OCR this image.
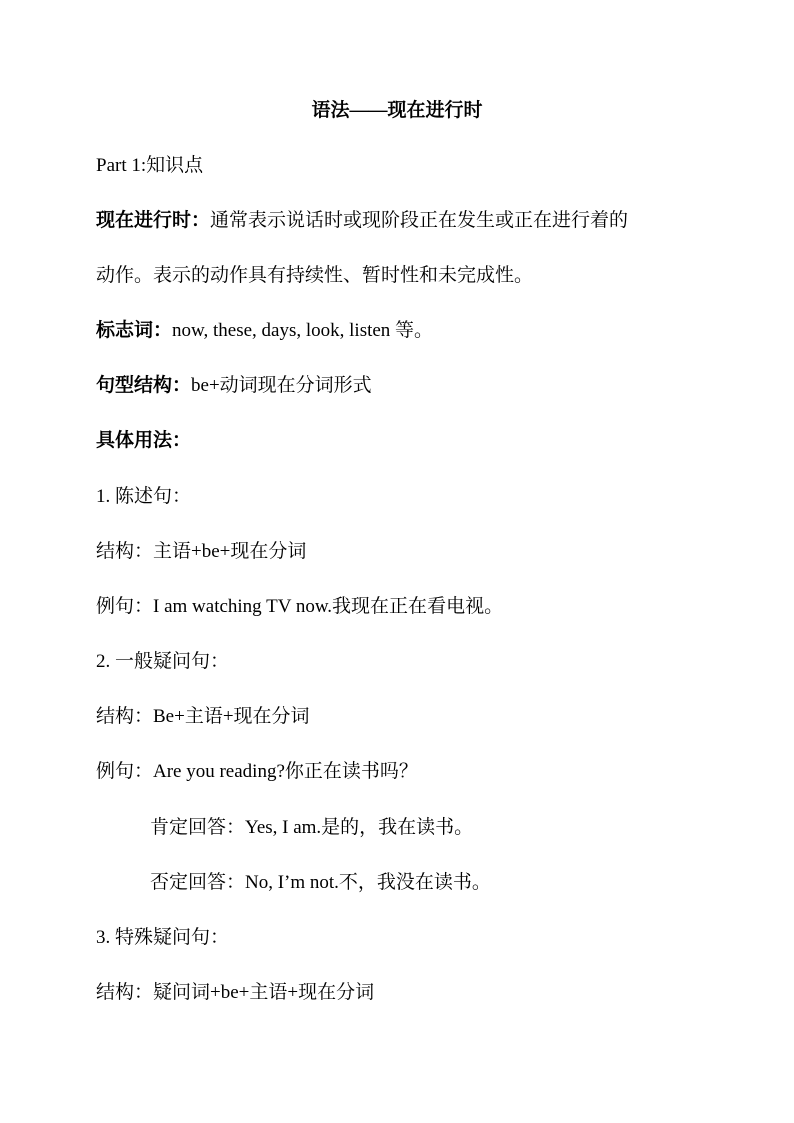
语法——现在进行时
Part 1:知识点
现在进行时：通常表示说话时或现阶段正在发生或正在进行着的
动作。表示的动作具有持续性、暂时性和未完成性。
标志词：now, these, days, look, listen 等。
句型结构：be+动词现在分词形式
具体用法：
1. 陈述句：
结构：主语+be+现在分词
例句：I am watching TV now.我现在正在看电视。
2. 一般疑问句：
结构：Be+主语+现在分词
例句：Are you reading?你正在读书吗？
肯定回答：Yes, I am.是的，我在读书。
否定回答：No, I’m not.不，我没在读书。
3. 特殊疑问句：
结构：疑问词+be+主语+现在分词
